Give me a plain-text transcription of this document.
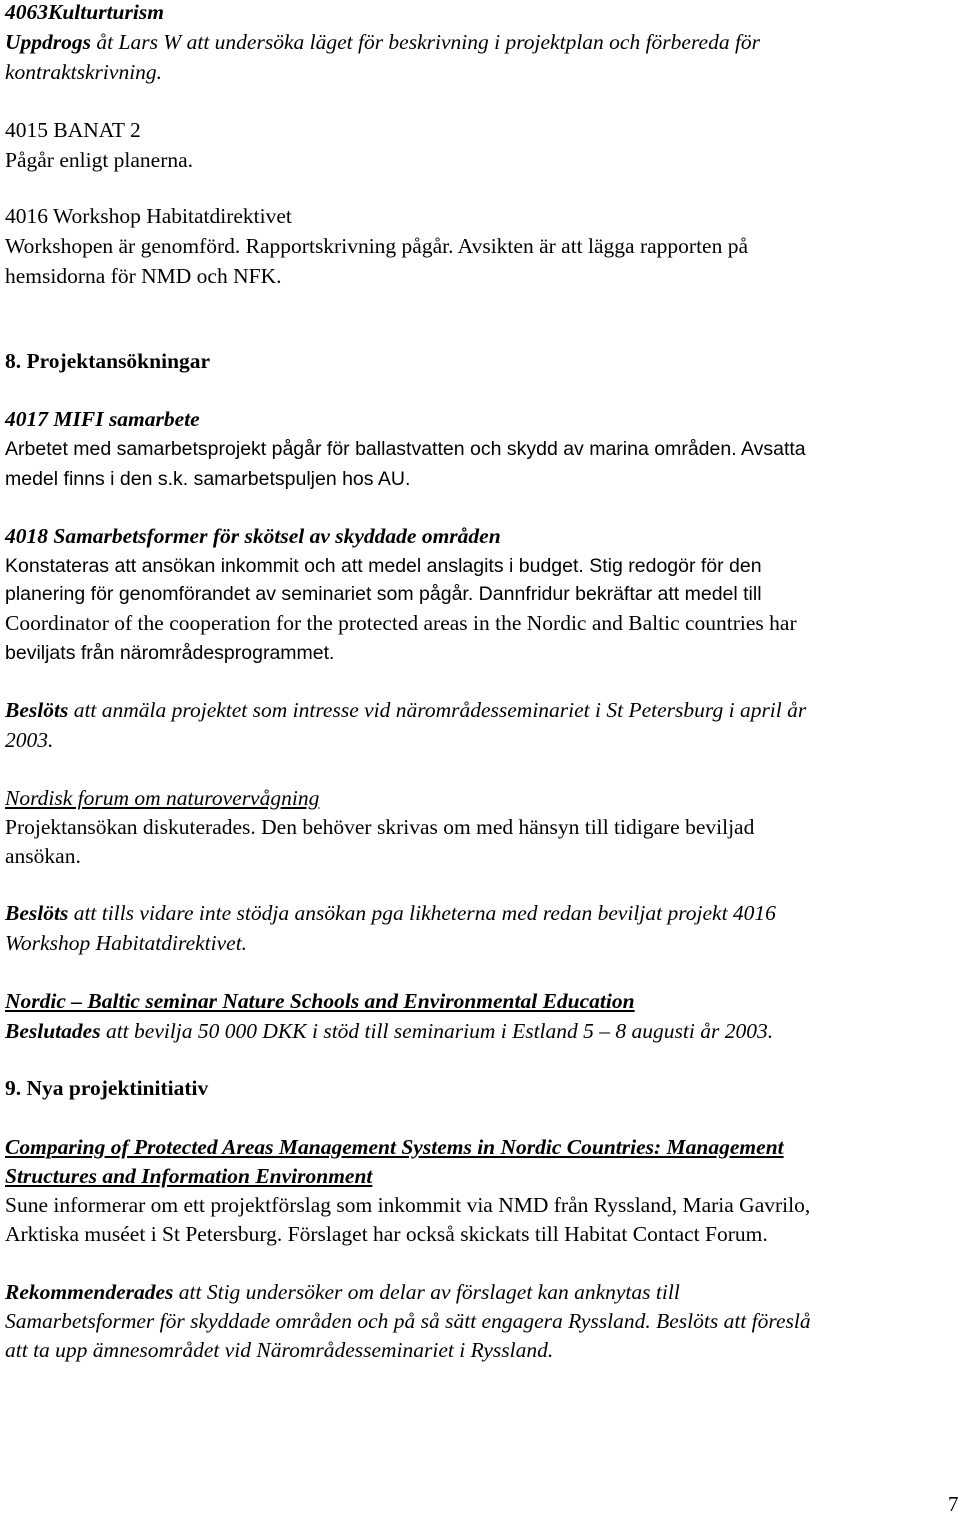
4063Kulturturism
Uppdrogs åt Lars W att undersöka läget för beskrivning i projektplan och förbereda för
kontraktskrivning.
4015 BANAT 2
Pågår enligt planerna.
4016 Workshop Habitatdirektivet
Workshopen är genomförd. Rapportskrivning pågår. Avsikten är att lägga rapporten på
hemsidorna för NMD och NFK.
8. Projektansökningar
4017 MIFI samarbete
Arbetet med samarbetsprojekt pågår för ballastvatten och skydd av marina områden. Avsatta
medel finns i den s.k. samarbetspuljen hos AU.
4018 Samarbetsformer för skötsel av skyddade områden
Konstateras att ansökan inkommit och att medel anslagits i budget. Stig redogör för den
planering för genomförandet av seminariet som pågår. Dannfridur bekräftar att medel till
Coordinator of the cooperation for the protected areas in the Nordic and Baltic countries har
beviljats från närområdesprogrammet.
Beslöts att anmäla projektet som intresse vid närområdesseminariet i St Petersburg i april år
2003.
Nordisk forum om naturovervågning
Projektansökan diskuterades. Den behöver skrivas om med hänsyn till tidigare beviljad
ansökan.
Beslöts att tills vidare inte stödja ansökan pga likheterna med redan beviljat projekt 4016
Workshop Habitatdirektivet.
Nordic – Baltic seminar Nature Schools and Environmental Education
Beslutades att bevilja 50 000 DKK i stöd till seminarium i Estland 5 – 8 augusti år 2003.
9. Nya projektinitiativ
Comparing of Protected Areas Management Systems in Nordic Countries: Management
Structures and Information Environment
Sune informerar om ett projektförslag som inkommit via NMD från Ryssland, Maria Gavrilo,
Arktiska muséet i St Petersburg. Förslaget har också skickats till Habitat Contact Forum.
Rekommenderades att Stig undersöker om delar av förslaget kan anknytas till
Samarbetsformer för skyddade områden och på så sätt engagera Ryssland. Beslöts att föreslå
att ta upp ämnesområdet vid Närområdesseminariet i Ryssland.
7
